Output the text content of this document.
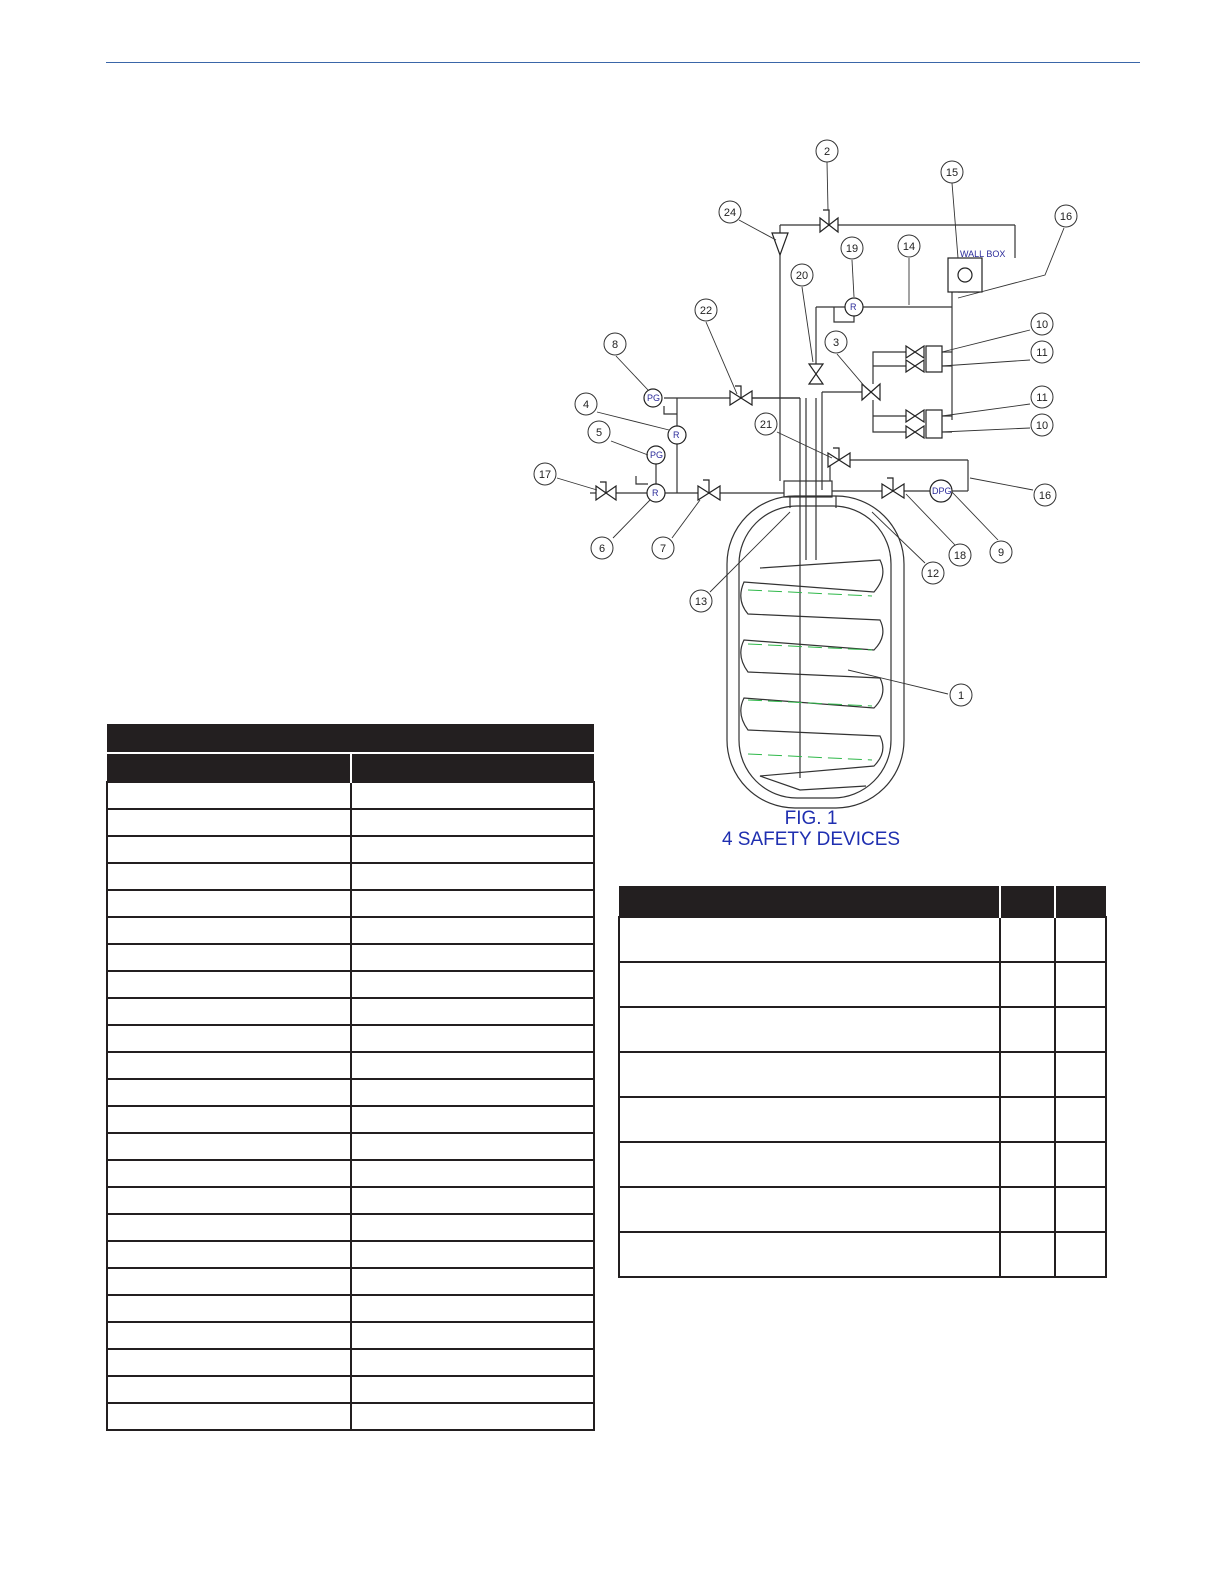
PG
R
PG
R
R
DPG
WALL BOX
1
2
3
4
5
6	7
8
9
10
10
11
11
12
13
14
15
16
16
17
18
19
20
21
22
24
FIG. 1
4 SAFETY DEVICES
